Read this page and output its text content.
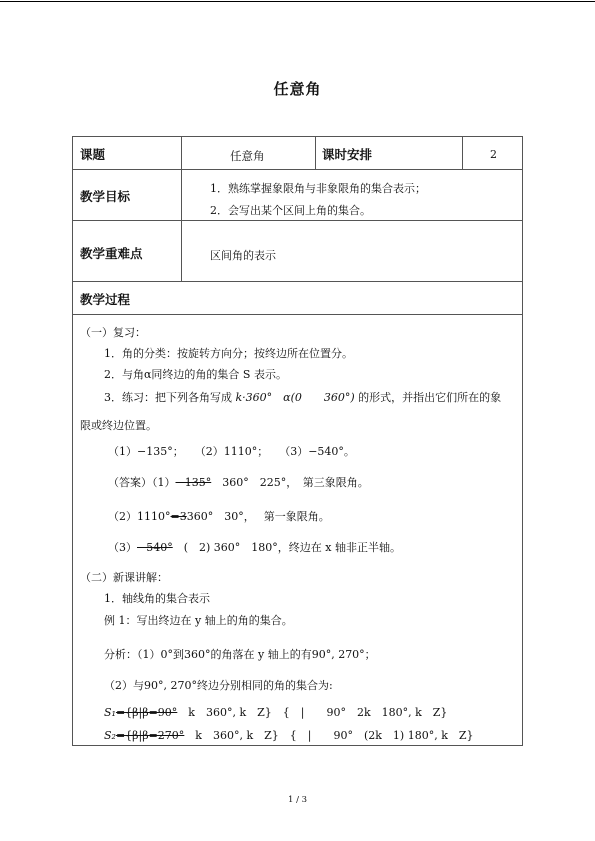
任意角
课题	任意角	课时安排	2
教学目标
1．熟练掌握象限角与非象限角的集合表示；
2．会写出某个区间上角的集合。
教学重难点	区间角的表示
教学过程
（一）复习：
1．角的分类：按旋转方向分；按终边所在位置分。
2．与角α同终边的角的集合 S 表示。
3．练习：把下列各角写成 k·360°　α(0　　360°) 的形式，并指出它们所在的象
限或终边位置。
（1）−135°；　　（2）1110°；　　（3）−540°。
（答案）（1）−135°　360°　225°，　第三象限角。
（2）1110°=3360°　30°，　 第一象限角。
（3）−540°　(　2) 360°　180°，终边在 x 轴非正半轴。
（二）新课讲解：
1．轴线角的集合表示
例 1：写出终边在 y 轴上的角的集合。
分析：（1）0°到360°的角落在 y 轴上的有90°, 270°；
（2）与90°, 270°终边分别相同的角的集合为:
S₁={β|β=90°　k　360°, k　Z}　{　|　　90°　2k　180°, k　Z}
S₂={β|β=270°　k　360°, k　Z}　{　|　　90°　(2k　1) 180°, k　Z}
1 / 3
